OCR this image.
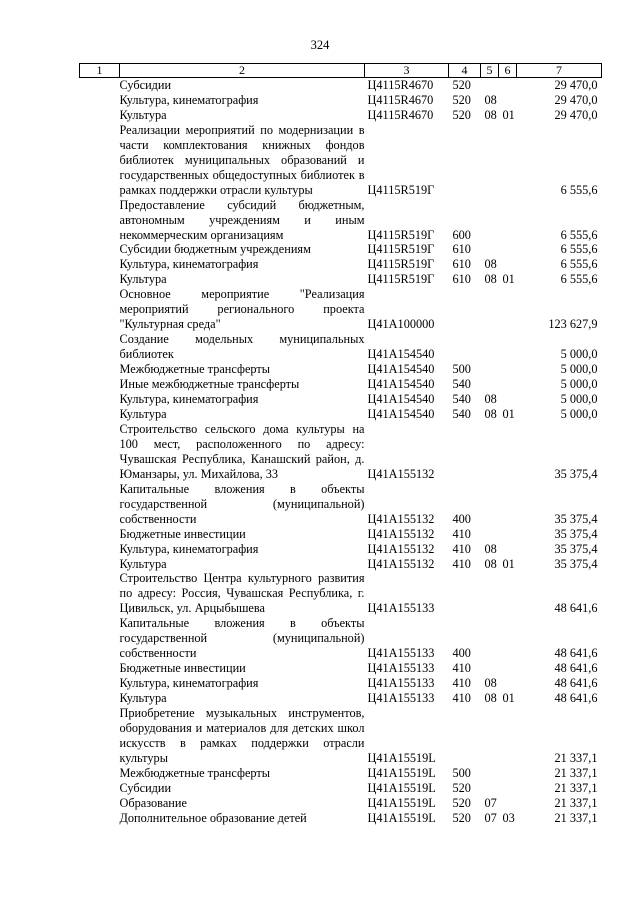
324
1	2	3	4	5	6	7
	Субсидии	Ц4115R4670	520			29 470,0
	Культура, кинематография	Ц4115R4670	520	08		29 470,0
	Культура	Ц4115R4670	520	08	01	29 470,0
	Реализации мероприятий по модернизации в части комплектования книжных фондов библиотек муниципальных образований и государственных общедоступных библиотек в рамках поддержки отрасли культуры	Ц4115R519Г				6 555,6
	Предоставление субсидий бюджетным, автономным учреждениям и иным некоммерческим организациям	Ц4115R519Г	600			6 555,6
	Субсидии бюджетным учреждениям	Ц4115R519Г	610			6 555,6
	Культура, кинематография	Ц4115R519Г	610	08		6 555,6
	Культура	Ц4115R519Г	610	08	01	6 555,6
	Основное мероприятие "Реализация мероприятий регионального проекта "Культурная среда"	Ц41А100000				123 627,9
	Создание модельных муниципальных библиотек	Ц41А154540				5 000,0
	Межбюджетные трансферты	Ц41А154540	500			5 000,0
	Иные межбюджетные трансферты	Ц41А154540	540			5 000,0
	Культура, кинематография	Ц41А154540	540	08		5 000,0
	Культура	Ц41А154540	540	08	01	5 000,0
	Строительство сельского дома культуры на 100 мест, расположенного по адресу: Чувашская Республика, Канашский район, д. Юманзары, ул. Михайлова, 33	Ц41А155132				35 375,4
	Капитальные вложения в объекты государственной (муниципальной) собственности	Ц41А155132	400			35 375,4
	Бюджетные инвестиции	Ц41А155132	410			35 375,4
	Культура, кинематография	Ц41А155132	410	08		35 375,4
	Культура	Ц41А155132	410	08	01	35 375,4
	Строительство Центра культурного развития по адресу: Россия, Чувашская Республика, г. Цивильск, ул. Арцыбышева	Ц41А155133				48 641,6
	Капитальные вложения в объекты государственной (муниципальной) собственности	Ц41А155133	400			48 641,6
	Бюджетные инвестиции	Ц41А155133	410			48 641,6
	Культура, кинематография	Ц41А155133	410	08		48 641,6
	Культура	Ц41А155133	410	08	01	48 641,6
	Приобретение музыкальных инструментов, оборудования и материалов для детских школ искусств в рамках поддержки отрасли культуры	Ц41А15519L				21 337,1
	Межбюджетные трансферты	Ц41А15519L	500			21 337,1
	Субсидии	Ц41А15519L	520			21 337,1
	Образование	Ц41А15519L	520	07		21 337,1
	Дополнительное образование детей	Ц41А15519L	520	07	03	21 337,1
